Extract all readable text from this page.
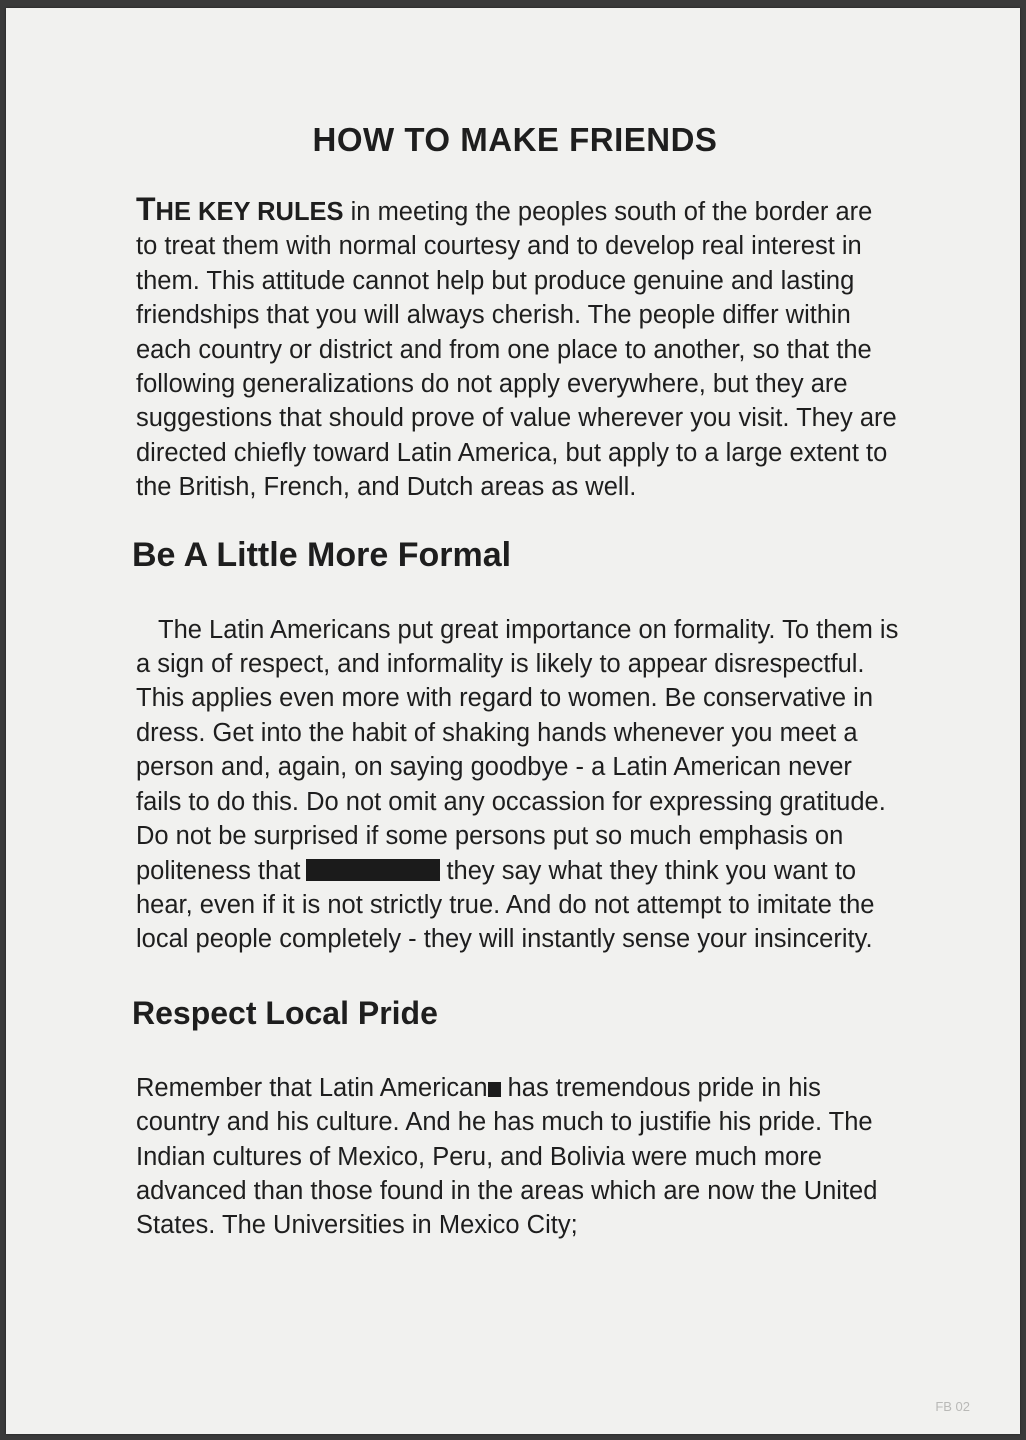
HOW TO MAKE FRIENDS

THE KEY RULES in meeting the peoples south of the border are to treat them with normal courtesy and to develop real interest in them. This attitude cannot help but produce genuine and lasting friendships that you will always cherish. The people differ within each country or district and from one place to another, so that the following generalizations do not apply everywhere, but they are suggestions that should prove of value wherever you visit. They are directed chiefly toward Latin America, but apply to a large extent to the British, French, and Dutch areas as well.

Be A Little More Formal

The Latin Americans put great importance on formality. To them is a sign of respect, and informality is likely to appear disrespectful. This applies even more with regard to women. Be conservative in dress. Get into the habit of shaking hands whenever you meet a person and, again, on saying goodbye - a Latin American never fails to do this. Do not omit any occassion for expressing gratitude. Do not be surprised if some persons put so much emphasis on politeness that	they say what they think you want to hear, even if it is not strictly true. And do not attempt to imitate the local people completely - they will instantly sense your insincerity.

Respect Local Pride

Remember that Latin American has tremendous pride in his country and his culture. And he has much to justifie his pride. The Indian cultures of Mexico, Peru, and Bolivia were much more advanced than those found in the areas which are now the United States. The Universities in Mexico City;

FB 02
